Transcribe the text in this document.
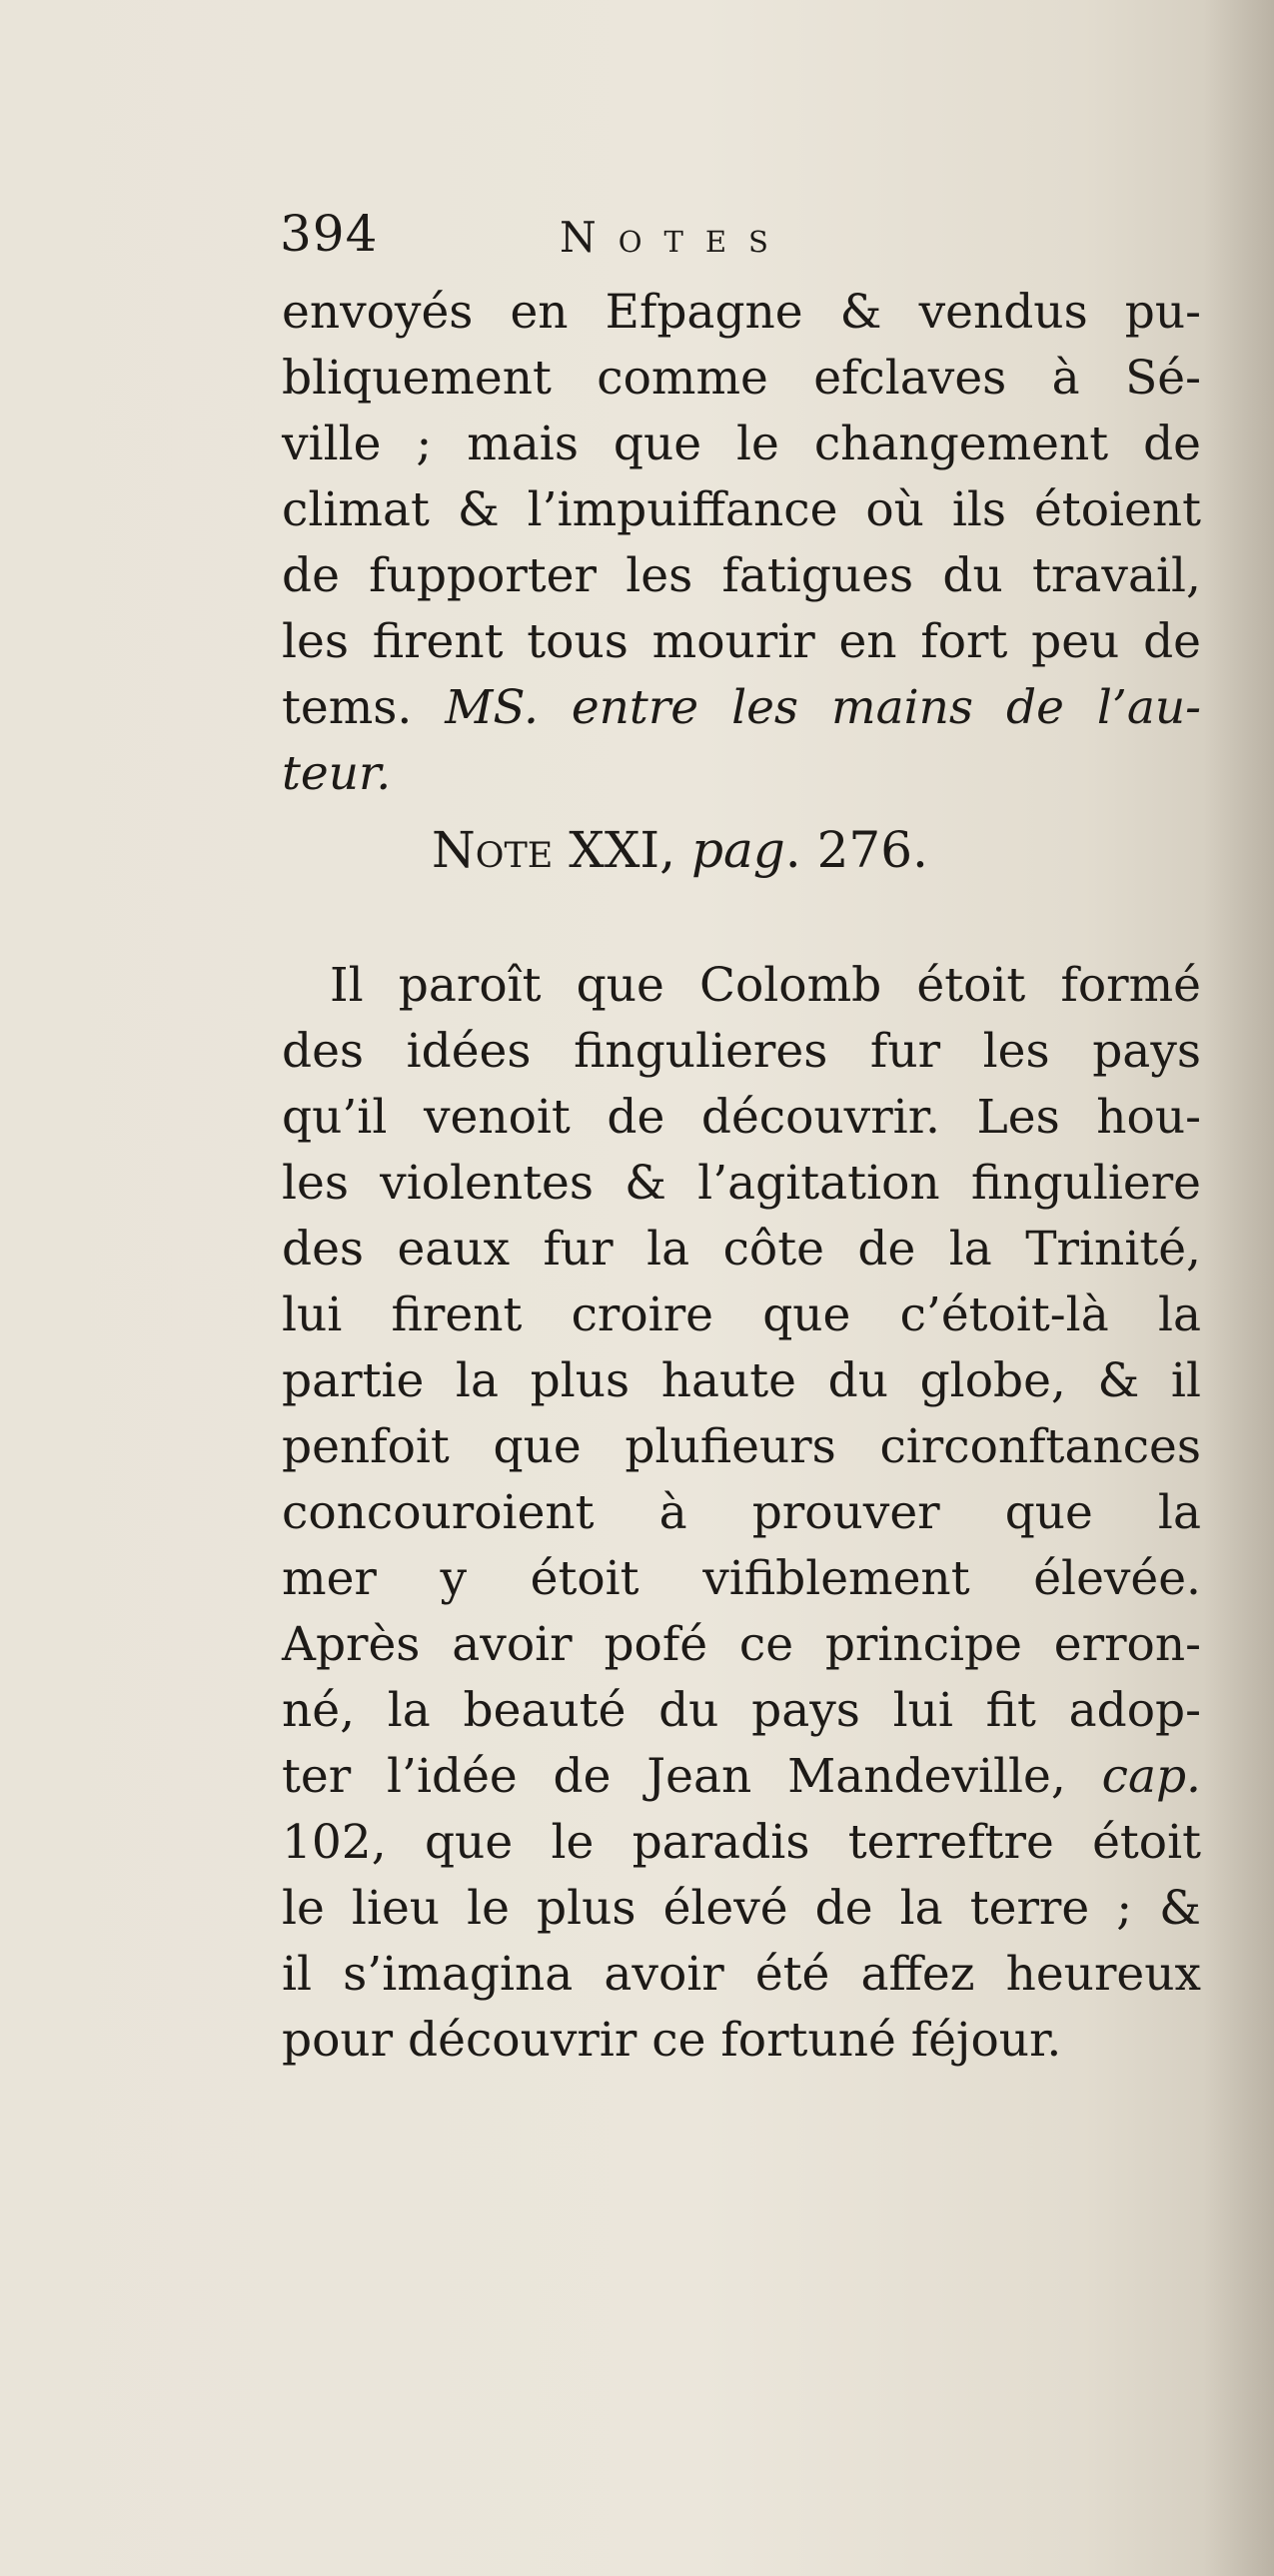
394	Notes
envoyés en Efpagne & vendus pu-
bliquement comme efclaves à Sé-
ville ; mais que le changement de
climat & l’impuiffance où ils étoient
de fupporter les fatigues du travail,
les firent tous mourir en fort peu de
tems. MS. entre les mains de l’au-
teur.
Note XXI, pag. 276.
Il paroît que Colomb étoit formé
des idées fingulieres fur les pays
qu’il venoit de découvrir. Les hou-
les violentes & l’agitation finguliere
des eaux fur la côte de la Trinité,
lui firent croire que c’étoit-là la
partie la plus haute du globe, & il
penfoit que plufieurs circonftances
concouroient à prouver que la
mer y étoit vifiblement élevée.
Après avoir pofé ce principe erron-
né, la beauté du pays lui fit adop-
ter l’idée de Jean Mandeville, cap.
102, que le paradis terreftre étoit
le lieu le plus élevé de la terre ; &
il s’imagina avoir été affez heureux
pour découvrir ce fortuné féjour.
